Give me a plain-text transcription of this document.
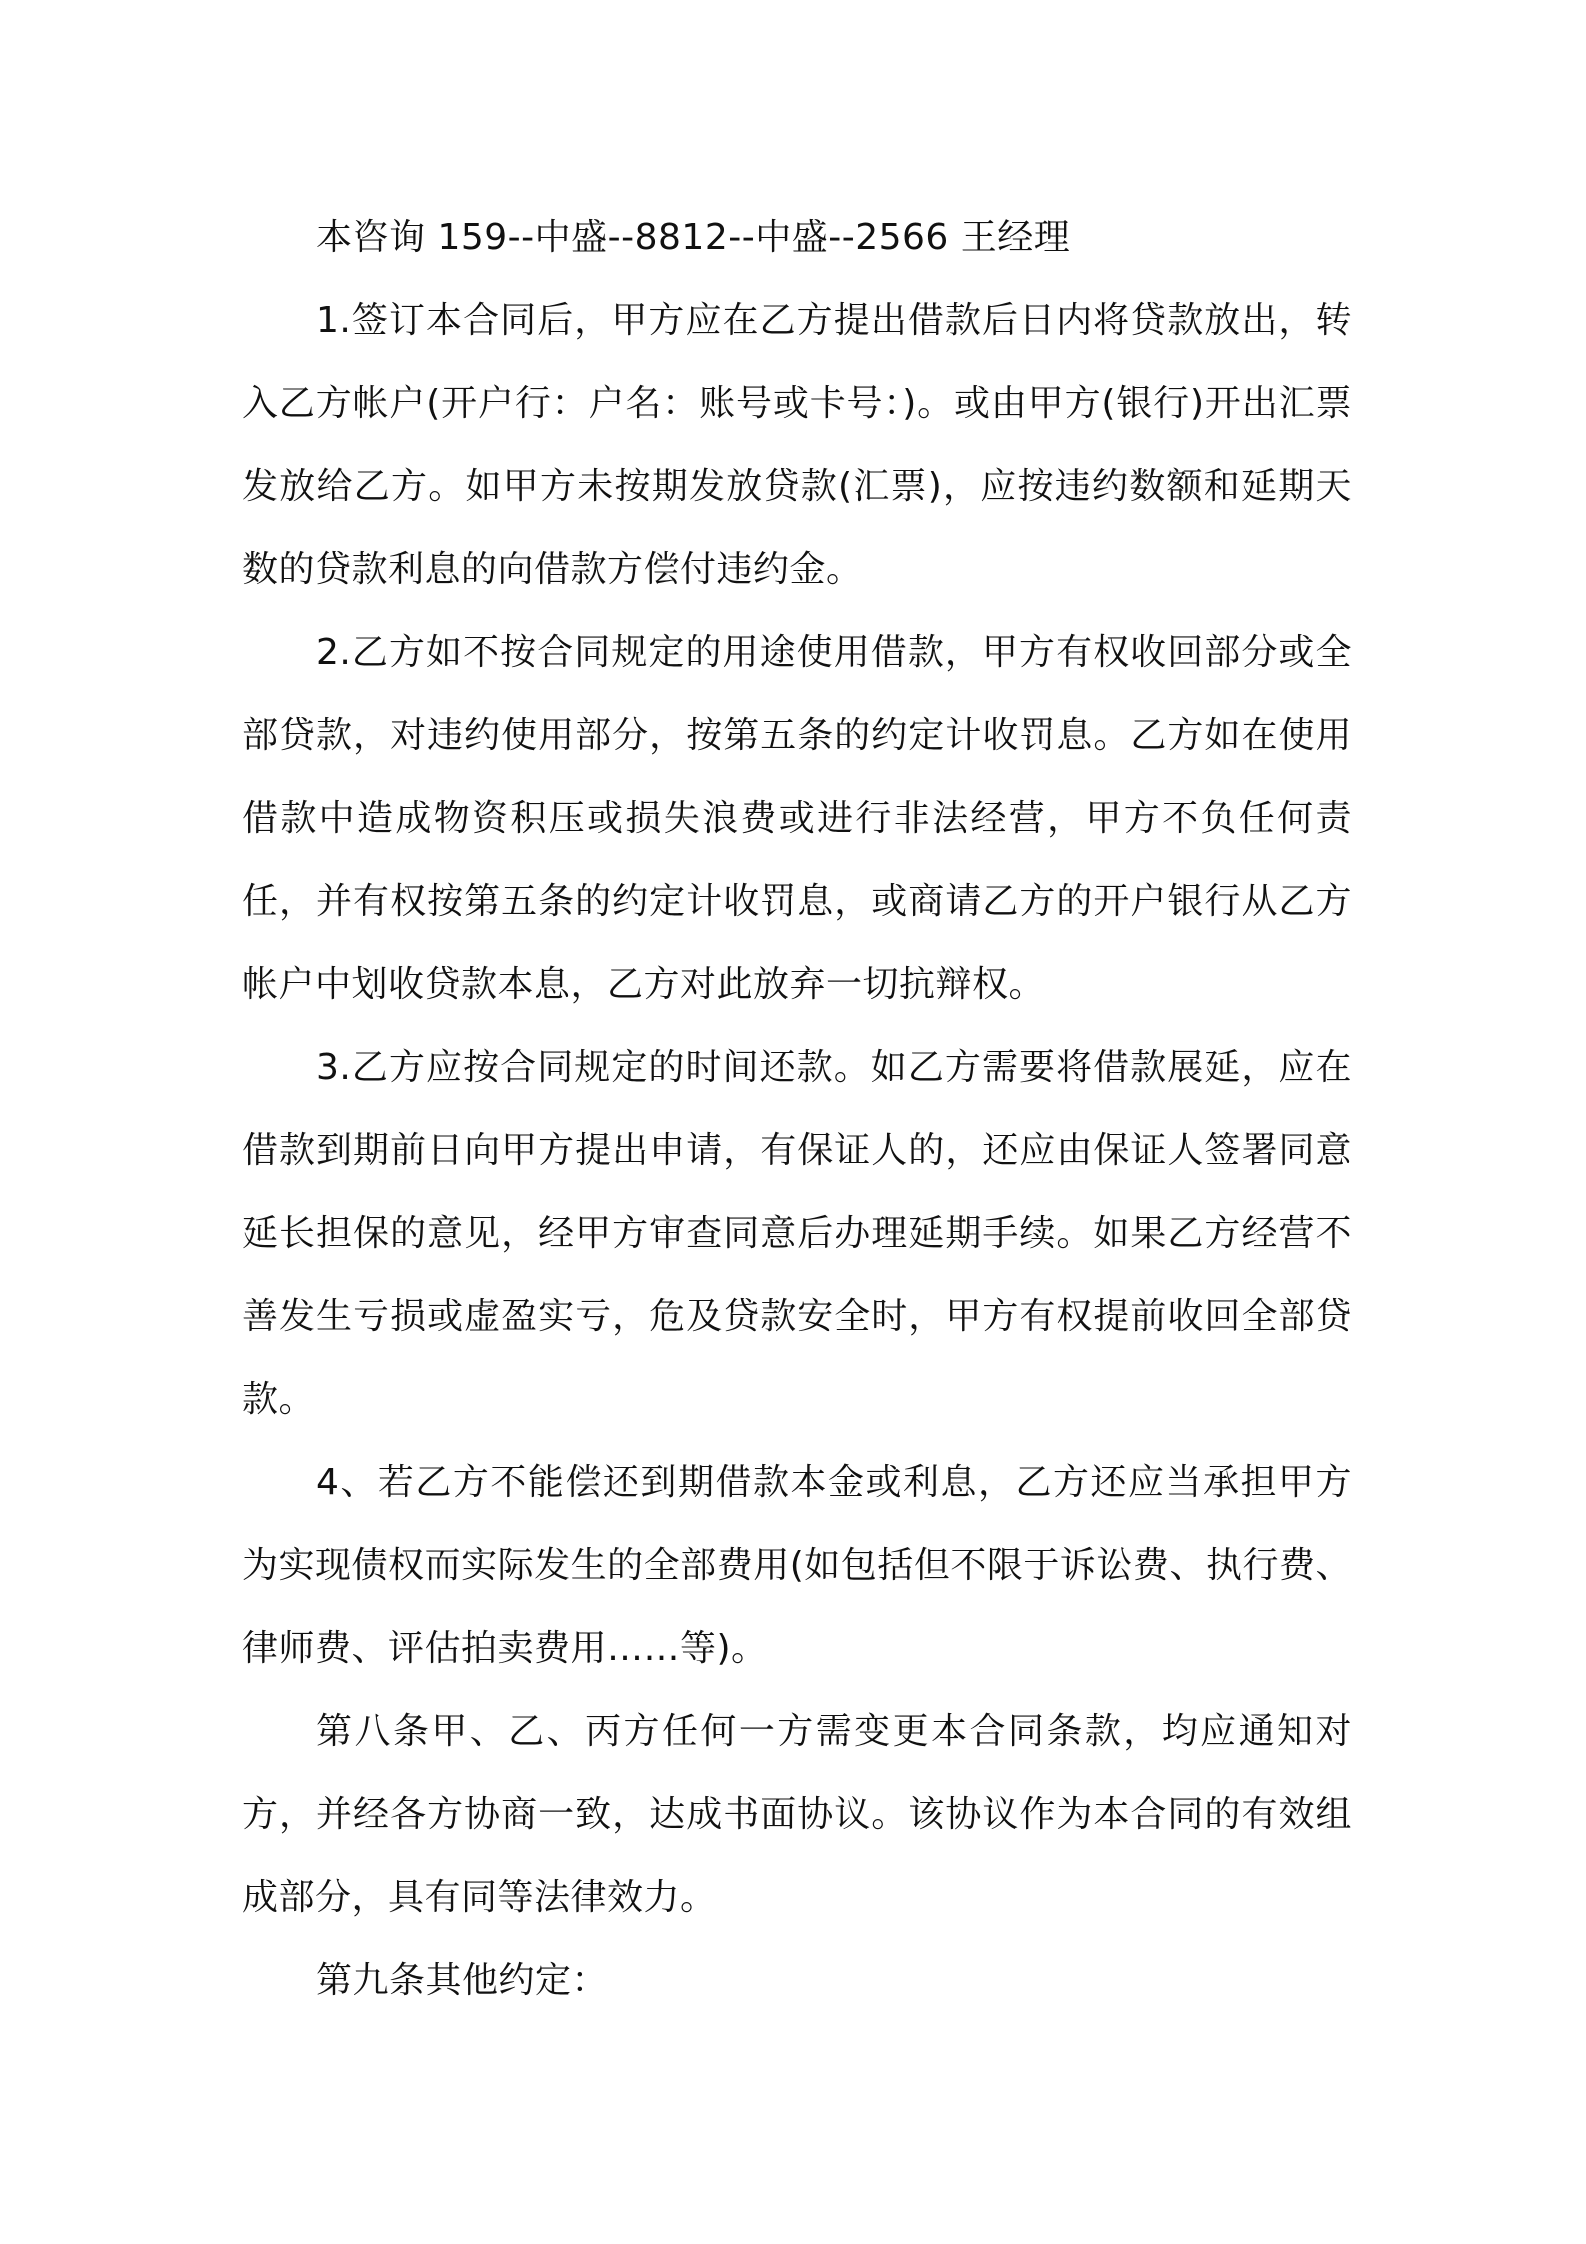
本咨询 159--中盛--8812--中盛--2566 王经理

1.签订本合同后，甲方应在乙方提出借款后日内将贷款放出，转入乙方帐户(开户行：户名：账号或卡号：)。或由甲方(银行)开出汇票发放给乙方。如甲方未按期发放贷款(汇票)，应按违约数额和延期天数的贷款利息的向借款方偿付违约金。

2.乙方如不按合同规定的用途使用借款，甲方有权收回部分或全部贷款，对违约使用部分，按第五条的约定计收罚息。乙方如在使用借款中造成物资积压或损失浪费或进行非法经营，甲方不负任何责任，并有权按第五条的约定计收罚息，或商请乙方的开户银行从乙方帐户中划收贷款本息，乙方对此放弃一切抗辩权。

3.乙方应按合同规定的时间还款。如乙方需要将借款展延，应在借款到期前日向甲方提出申请，有保证人的，还应由保证人签署同意延长担保的意见，经甲方审查同意后办理延期手续。如果乙方经营不善发生亏损或虚盈实亏，危及贷款安全时，甲方有权提前收回全部贷款。

4、若乙方不能偿还到期借款本金或利息，乙方还应当承担甲方为实现债权而实际发生的全部费用(如包括但不限于诉讼费、执行费、律师费、评估拍卖费用……等)。

第八条甲、乙、丙方任何一方需变更本合同条款，均应通知对方，并经各方协商一致，达成书面协议。该协议作为本合同的有效组成部分，具有同等法律效力。

第九条其他约定：
